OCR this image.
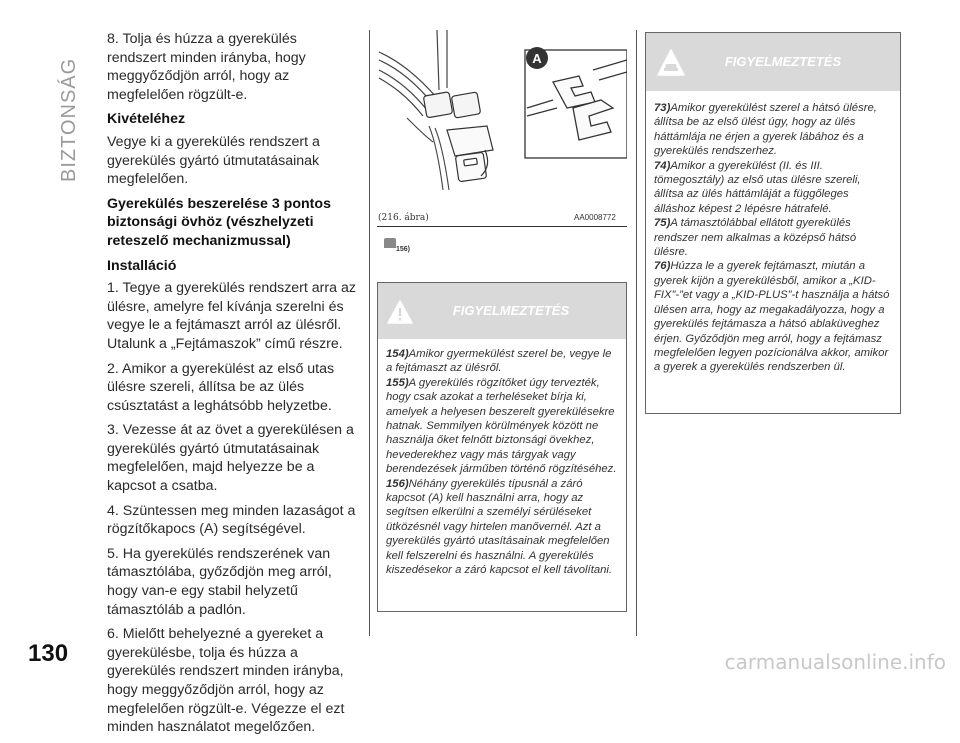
BIZTONSÁG
130	carmanualsonline.info

8. Tolja és húzza a gyerekülés rendszert minden irányba, hogy meggyőződjön arról, hogy az megfelelően rögzült-e.

Kivételéhez

Vegye ki a gyerekülés rendszert a gyerekülés gyártó útmutatásainak megfelelően.

Gyerekülés beszerelése 3 pontos biztonsági övhöz (vészhelyzeti reteszelő mechanizmussal)
Installáció

1. Tegye a gyerekülés rendszert arra az ülésre, amelyre fel kívánja szerelni és vegye le a fejtámaszt arról az ülésről. Utalunk a „Fejtámaszok” című részre.

2. Amikor a gyerekülést az első utas ülésre szereli, állítsa be az ülés csúsztatást a leghátsóbb helyzetbe.

3. Vezesse át az övet a gyerekülésen a gyerekülés gyártó útmutatásainak megfelelően, majd helyezze be a kapcsot a csatba.

4. Szüntessen meg minden lazaságot a rögzítőkapocs (A) segítségével.

5. Ha gyerekülés rendszerének van támasztólába, győződjön meg arról, hogy van-e egy stabil helyzetű támasztóláb a padlón.

6. Mielőtt behelyezné a gyereket a gyerekülésbe, tolja és húzza a gyerekülés rendszert minden irányba, hogy meggyőződjön arról, hogy az megfelelően rögzült-e. Végezze el ezt minden használatot megelőzően.

A
(216. ábra)	AA0008772
156)
FIGYELMEZTETÉS

154)Amikor gyermekülést szerel be, vegye le a fejtámaszt az ülésről.

155)A gyerekülés rögzítőket úgy tervezték, hogy csak azokat a terheléseket bírja ki, amelyek a helyesen beszerelt gyerekülésekre hatnak. Semmilyen körülmények között ne használja őket felnőtt biztonsági övekhez, hevederekhez vagy más tárgyak vagy berendezések járműben történő rögzítéséhez.

156)Néhány gyerekülés típusnál a záró kapcsot (A) kell használni arra, hogy az segítsen elkerülni a személyi sérüléseket ütközésnél vagy hirtelen manővernél. Azt a gyerekülés gyártó utasításainak megfelelően kell felszerelni és használni. A gyerekülés kiszedésekor a záró kapcsot el kell távolítani.

FIGYELMEZTETÉS

73)Amikor gyerekülést szerel a hátsó ülésre, állítsa be az első ülést úgy, hogy az ülés háttámlája ne érjen a gyerek lábához és a gyerekülés rendszerhez.

74)Amikor a gyerekülést (II. és III. tömegosztály) az első utas ülésre szereli, állítsa az ülés háttámláját a függőleges álláshoz képest 2 lépésre hátrafelé.

75)A támasztólábbal ellátott gyerekülés rendszer nem alkalmas a középső hátsó ülésre.

76)Húzza le a gyerek fejtámaszt, miután a gyerek kijön a gyerekülésből, amikor a „KID-FIX”-”et vagy a „KID-PLUS”-t használja a hátsó ülésen arra, hogy az megakadályozza, hogy a gyerekülés fejtámasza a hátsó ablaküveghez érjen. Győződjön meg arról, hogy a fejtámasz megfelelően legyen pozícionálva akkor, amikor a gyerek a gyerekülés rendszerben ül.
